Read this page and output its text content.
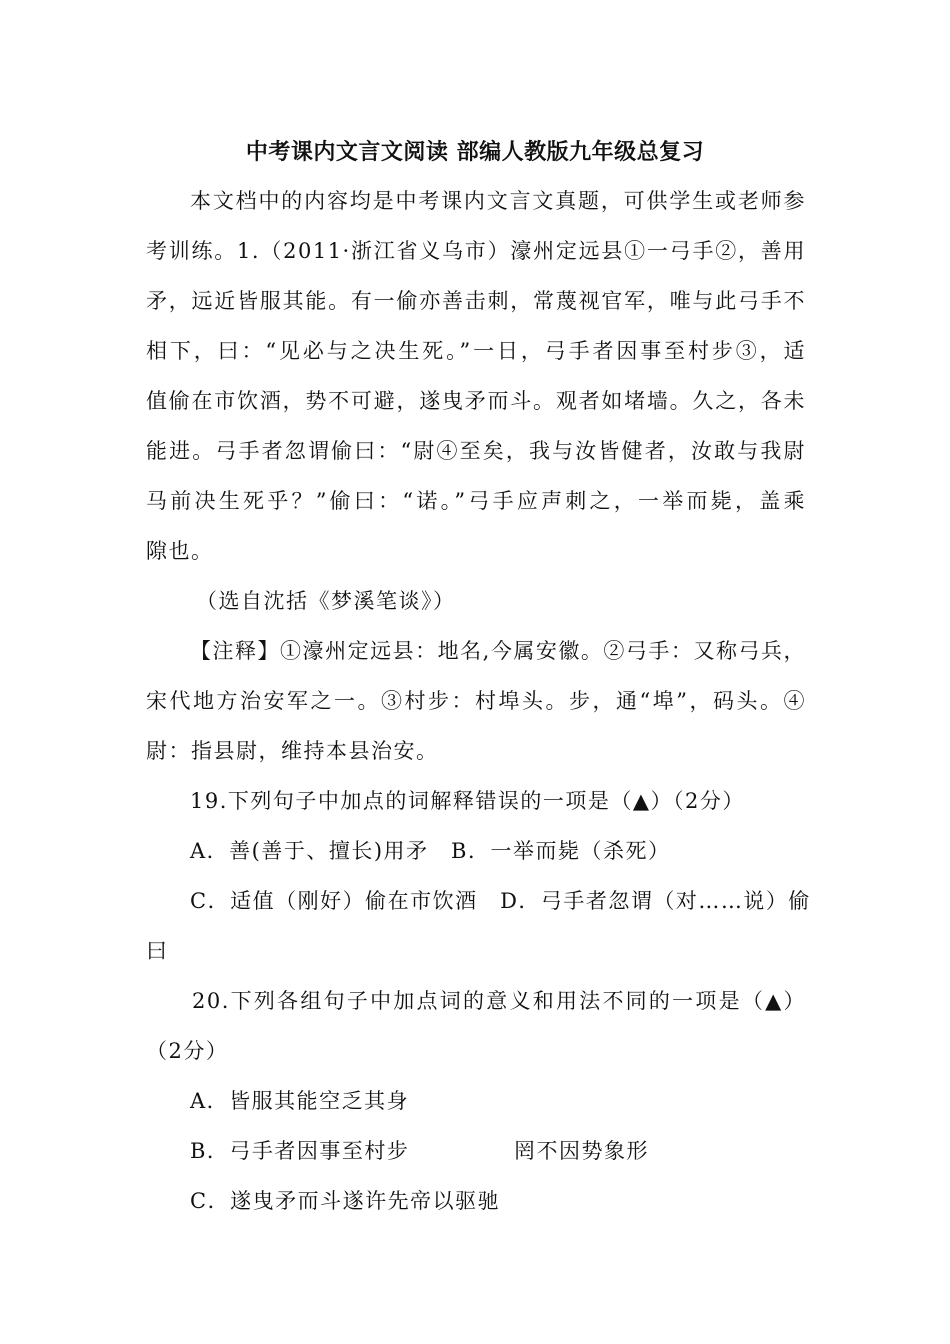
中考课内文言文阅读 部编人教版九年级总复习
本文档中的内容均是中考课内文言文真题，可供学生或老师参
考训练。1.（2011·浙江省义乌市）濠州定远县①一弓手②，善用
矛，远近皆服其能。有一偷亦善击刺，常蔑视官军，唯与此弓手不
相下，曰：“见必与之决生死。”一日，弓手者因事至村步③，适
值偷在市饮酒，势不可避，遂曳矛而斗。观者如堵墙。久之，各未
能进。弓手者忽谓偷曰：“尉④至矣，我与汝皆健者，汝敢与我尉
马前决生死乎？”偷曰：“诺。”弓手应声刺之，一举而毙，盖乘
隙也。
（选自沈括《梦溪笔谈》）
【注释】①濠州定远县：地名,今属安徽。②弓手：又称弓兵，
宋代地方治安军之一。③村步：村埠头。步，通“埠”，码头。④
尉：指县尉，维持本县治安。
19.下列句子中加点的词解释错误的一项是（▲）（2分）
A．善(善于、擅长)用矛　B．一举而毙（杀死）
C．适值（刚好）偷在市饮酒　D．弓手者忽谓（对……说）偷
曰
20.下列各组句子中加点词的意义和用法不同的一项是（▲）
（2分）
A．皆服其能空乏其身
B．弓手者因事至村步	罔不因势象形
C．遂曳矛而斗遂许先帝以驱驰
